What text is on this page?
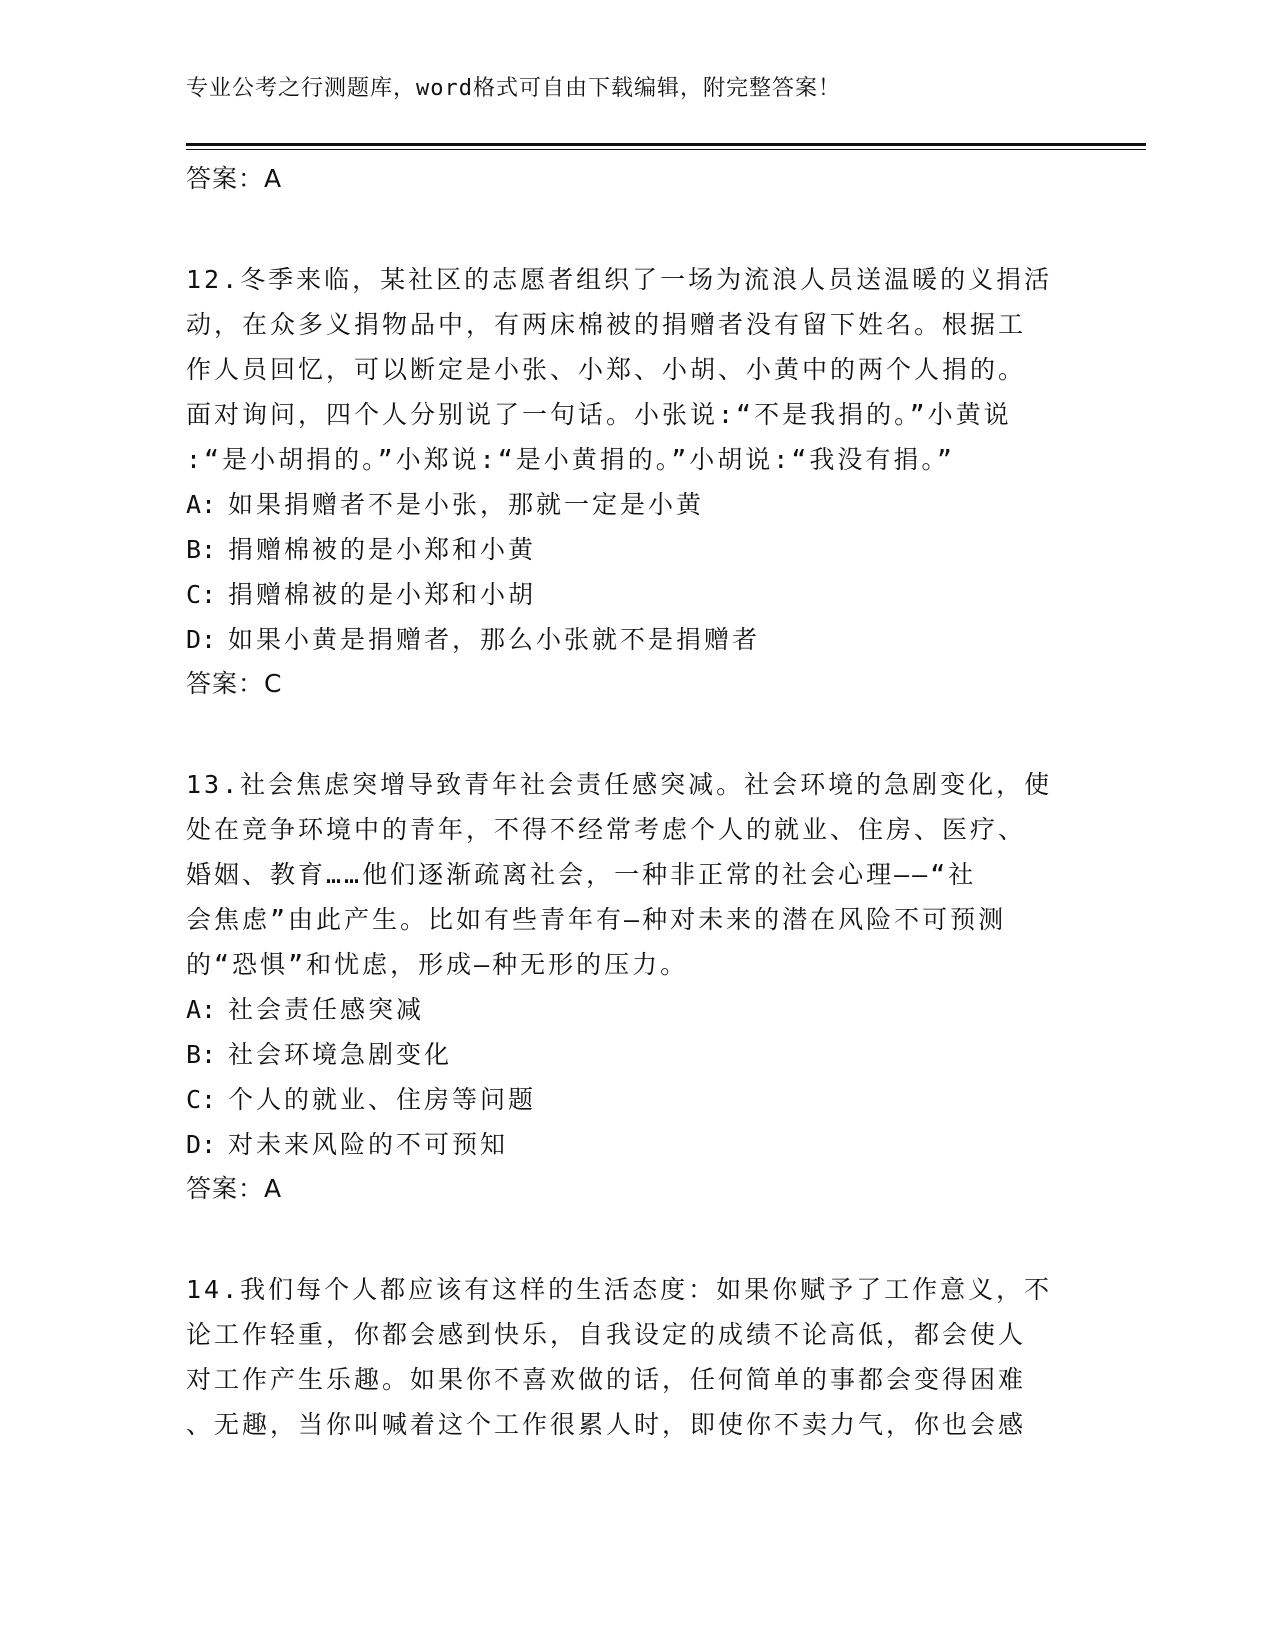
专业公考之行测题库，word格式可自由下载编辑，附完整答案！
答案：A
12.冬季来临，某社区的志愿者组织了一场为流浪人员送温暖的义捐活
动，在众多义捐物品中，有两床棉被的捐赠者没有留下姓名。根据工
作人员回忆，可以断定是小张、小郑、小胡、小黄中的两个人捐的。
面对询问，四个人分别说了一句话。小张说:“不是我捐的。”小黄说
:“是小胡捐的。”小郑说:“是小黄捐的。”小胡说:“我没有捐。”
A: 如果捐赠者不是小张，那就一定是小黄
B: 捐赠棉被的是小郑和小黄
C: 捐赠棉被的是小郑和小胡
D: 如果小黄是捐赠者，那么小张就不是捐赠者
答案：C
13.社会焦虑突增导致青年社会责任感突减。社会环境的急剧变化，使
处在竞争环境中的青年，不得不经常考虑个人的就业、住房、医疗、
婚姻、教育……他们逐渐疏离社会，一种非正常的社会心理——“社
会焦虑”由此产生。比如有些青年有—种对未来的潜在风险不可预测
的“恐惧”和忧虑，形成—种无形的压力。
A: 社会责任感突减
B: 社会环境急剧变化
C: 个人的就业、住房等问题
D: 对未来风险的不可预知
答案：A
14.我们每个人都应该有这样的生活态度：如果你赋予了工作意义，不
论工作轻重，你都会感到快乐，自我设定的成绩不论高低，都会使人
对工作产生乐趣。如果你不喜欢做的话，任何简单的事都会变得困难
、无趣，当你叫喊着这个工作很累人时，即使你不卖力气，你也会感
